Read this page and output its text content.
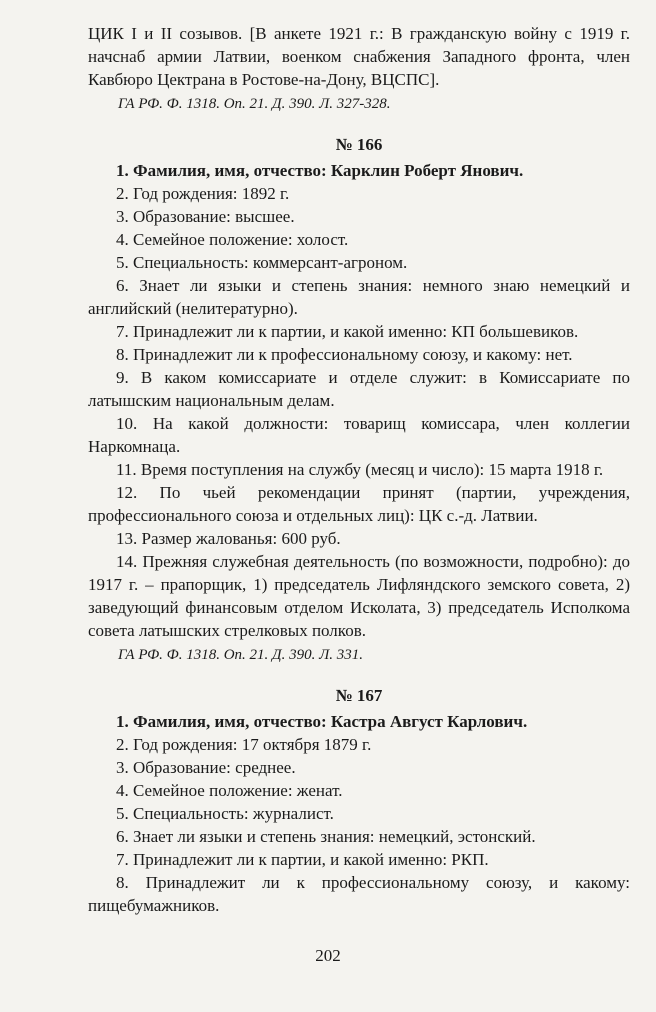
ЦИК I и II созывов. [В анкете 1921 г.: В гражданскую войну с 1919 г.

начснаб армии Латвии, военком снабжения Западного фронта, член

Кавбюро Цектрана в Ростове-на-Дону, ВЦСПС].

ГА РФ. Ф. 1318. Оп. 21. Д. 390. Л. 327-328.

№ 166

1. Фамилия, имя, отчество: Карклин Роберт Янович.

2. Год рождения: 1892 г.

3. Образование: высшее.

4. Семейное положение: холост.

5. Специальность: коммерсант-агроном.

6. Знает ли языки и степень знания: немного знаю немецкий и английский (нелитературно).

7. Принадлежит ли к партии, и какой именно: КП большевиков.

8. Принадлежит ли к профессиональному союзу, и какому: нет.

9. В каком комиссариате и отделе служит: в Комиссариате по латышским национальным делам.

10. На какой должности: товарищ комиссара, член коллегии Наркомнаца.

11. Время поступления на службу (месяц и число): 15 марта 1918 г.

12. По чьей рекомендации принят (партии, учреждения, профессионального союза и отдельных лиц): ЦК с.-д. Латвии.

13. Размер жалованья: 600 руб.

14. Прежняя служебная деятельность (по возможности, подробно): до 1917 г. – прапорщик, 1) председатель Лифляндского земского совета, 2) заведующий финансовым отделом Исколата, 3) председатель Исполкома совета латышских стрелковых полков.

ГА РФ. Ф. 1318. Оп. 21. Д. 390. Л. 331.

№ 167

1. Фамилия, имя, отчество: Кастра Август Карлович.

2. Год рождения: 17 октября 1879 г.

3. Образование: среднее.

4. Семейное положение: женат.

5. Специальность: журналист.

6. Знает ли языки и степень знания: немецкий, эстонский.

7. Принадлежит ли к партии, и какой именно: РКП.

8. Принадлежит ли к профессиональному союзу, и какому: пищебумажников.

202
